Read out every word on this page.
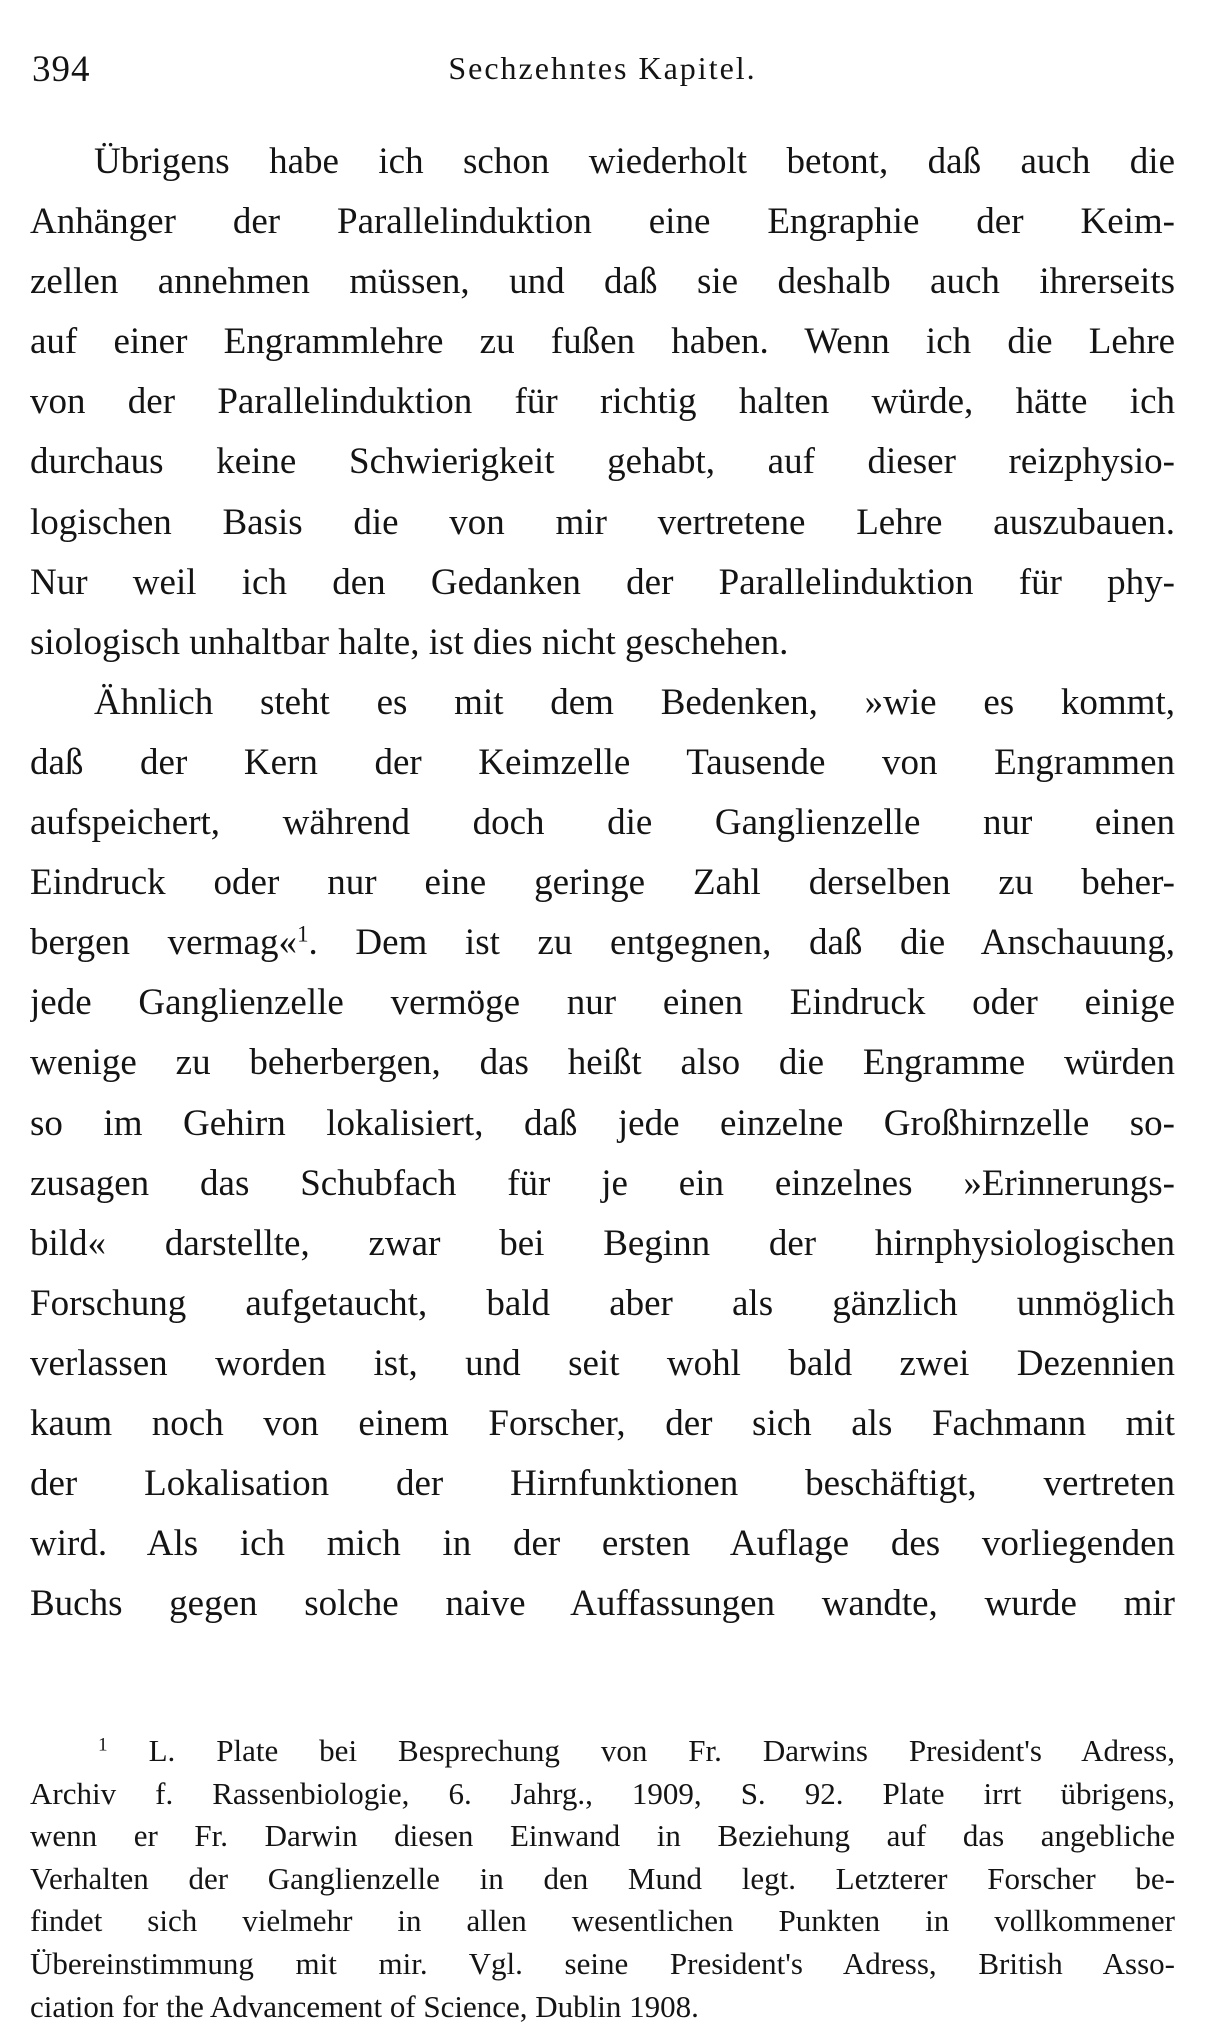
394	Sechzehntes Kapitel.
Übrigens habe ich schon wiederholt betont, daß auch die
Anhänger der Parallelinduktion eine Engraphie der Keim-
zellen annehmen müssen, und daß sie deshalb auch ihrerseits
auf einer Engrammlehre zu fußen haben. Wenn ich die Lehre
von der Parallelinduktion für richtig halten würde, hätte ich
durchaus keine Schwierigkeit gehabt, auf dieser reizphysio-
logischen Basis die von mir vertretene Lehre auszubauen.
Nur weil ich den Gedanken der Parallelinduktion für phy-
siologisch unhaltbar halte, ist dies nicht geschehen.
Ähnlich steht es mit dem Bedenken, »wie es kommt,
daß der Kern der Keimzelle Tausende von Engrammen
aufspeichert, während doch die Ganglienzelle nur einen
Eindruck oder nur eine geringe Zahl derselben zu beher-
bergen vermag«$^1$. Dem ist zu entgegnen, daß die Anschauung,
jede Ganglienzelle vermöge nur einen Eindruck oder einige
wenige zu beherbergen, das heißt also die Engramme würden
so im Gehirn lokalisiert, daß jede einzelne Großhirnzelle so-
zusagen das Schubfach für je ein einzelnes »Erinnerungs-
bild« darstellte, zwar bei Beginn der hirnphysiologischen
Forschung aufgetaucht, bald aber als gänzlich unmöglich
verlassen worden ist, und seit wohl bald zwei Dezennien
kaum noch von einem Forscher, der sich als Fachmann mit
der Lokalisation der Hirnfunktionen beschäftigt, vertreten
wird. Als ich mich in der ersten Auflage des vorliegenden
Buchs gegen solche naive Auffassungen wandte, wurde mir
$^1$ L. Plate bei Besprechung von Fr. Darwins President's Adress,
Archiv f. Rassenbiologie, 6. Jahrg., 1909, S. 92. Plate irrt übrigens,
wenn er Fr. Darwin diesen Einwand in Beziehung auf das angebliche
Verhalten der Ganglienzelle in den Mund legt. Letzterer Forscher be-
findet sich vielmehr in allen wesentlichen Punkten in vollkommener
Übereinstimmung mit mir. Vgl. seine President's Adress, British Asso-
ciation for the Advancement of Science, Dublin 1908.
